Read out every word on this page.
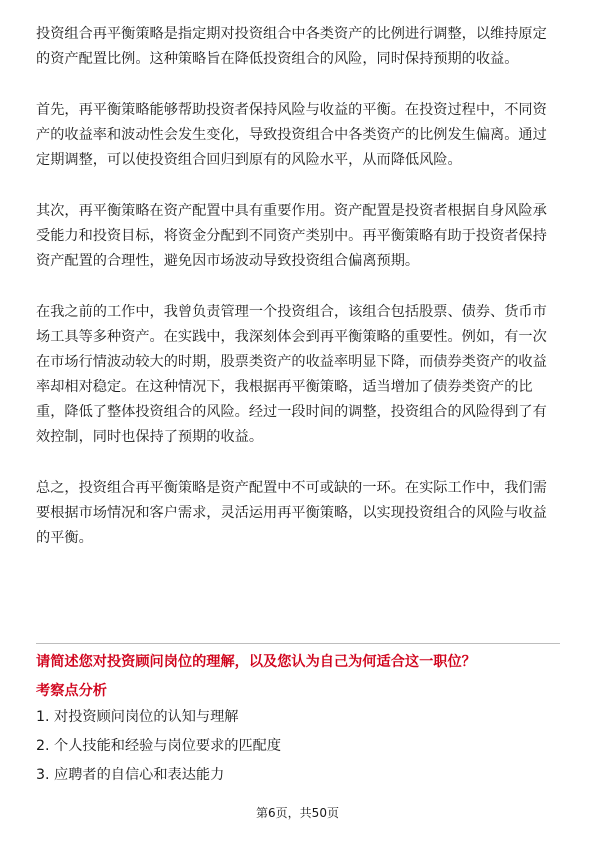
投资组合再平衡策略是指定期对投资组合中各类资产的比例进行调整，以维持原定
的资产配置比例。这种策略旨在降低投资组合的风险，同时保持预期的收益。

首先，再平衡策略能够帮助投资者保持风险与收益的平衡。在投资过程中，不同资
产的收益率和波动性会发生变化，导致投资组合中各类资产的比例发生偏离。通过
定期调整，可以使投资组合回归到原有的风险水平，从而降低风险。

其次，再平衡策略在资产配置中具有重要作用。资产配置是投资者根据自身风险承
受能力和投资目标，将资金分配到不同资产类别中。再平衡策略有助于投资者保持
资产配置的合理性，避免因市场波动导致投资组合偏离预期。

在我之前的工作中，我曾负责管理一个投资组合，该组合包括股票、债券、货币市
场工具等多种资产。在实践中，我深刻体会到再平衡策略的重要性。例如，有一次
在市场行情波动较大的时期，股票类资产的收益率明显下降，而债券类资产的收益
率却相对稳定。在这种情况下，我根据再平衡策略，适当增加了债券类资产的比
重，降低了整体投资组合的风险。经过一段时间的调整，投资组合的风险得到了有
效控制，同时也保持了预期的收益。

总之，投资组合再平衡策略是资产配置中不可或缺的一环。在实际工作中，我们需
要根据市场情况和客户需求，灵活运用再平衡策略，以实现投资组合的风险与收益
的平衡。

请简述您对投资顾问岗位的理解，以及您认为自己为何适合这一职位？
考察点分析
1. 对投资顾问岗位的认知与理解
2. 个人技能和经验与岗位要求的匹配度
3. 应聘者的自信心和表达能力
第6页，共50页
